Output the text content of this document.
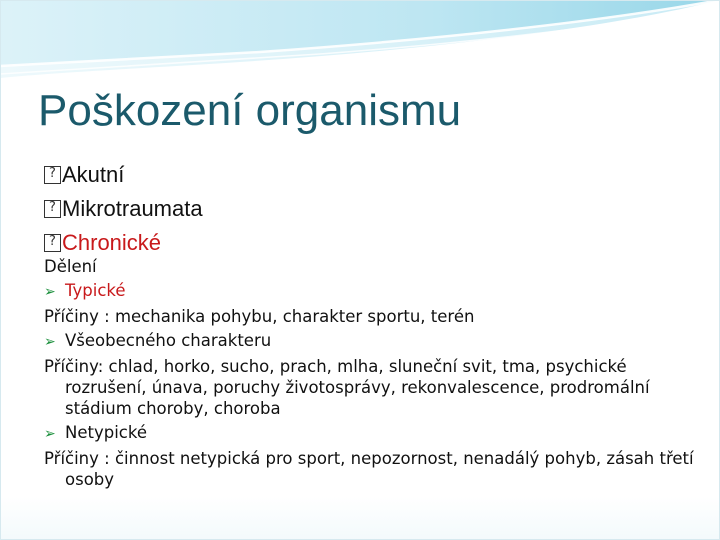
Poškození organismu
?Akutní
?Mikrotraumata
?Chronické
Dělení
➢ Typické
Příčiny : mechanika pohybu, charakter sportu, terén
➢ Všeobecného charakteru
Příčiny: chlad, horko, sucho, prach, mlha, sluneční svit, tma, psychické rozrušení, únava, poruchy životosprávy, rekonvalescence, prodromální stádium choroby, choroba
➢ Netypické
Příčiny : činnost netypická pro sport, nepozornost, nenadálý pohyb, zásah třetí osoby
